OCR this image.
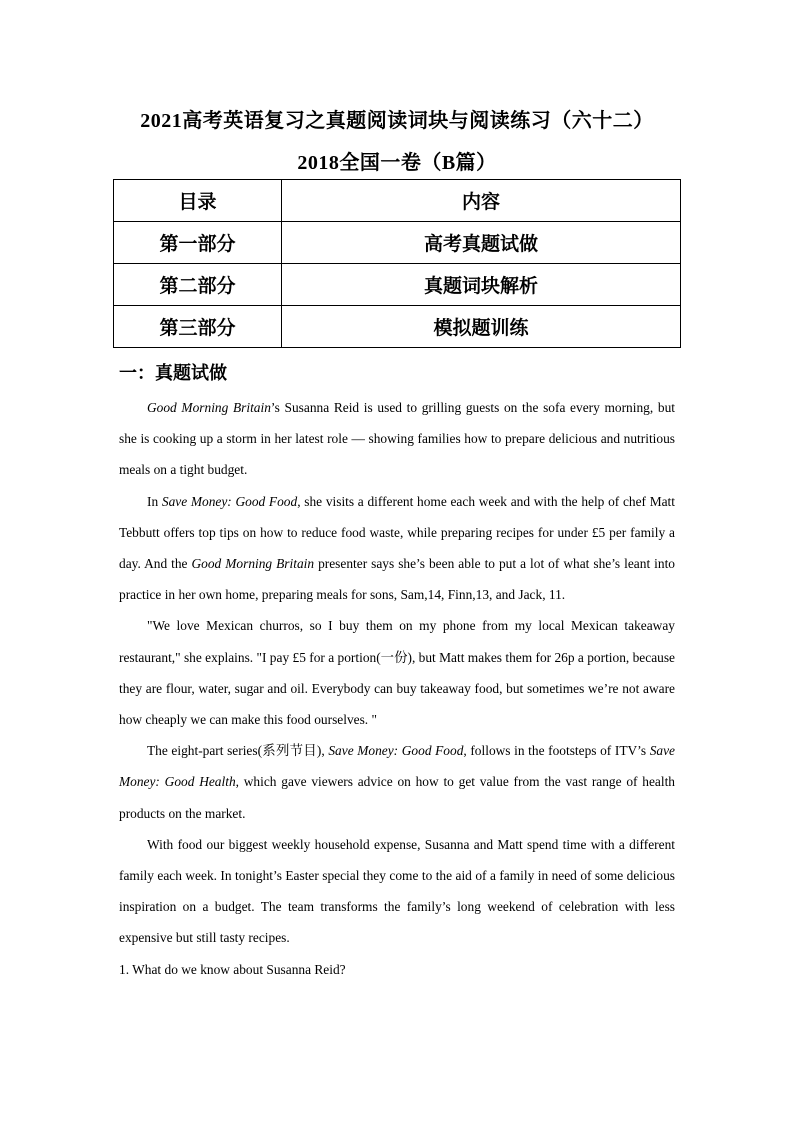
2021高考英语复习之真题阅读词块与阅读练习（六十二）
2018全国一卷（B篇）
目录	内容
第一部分	高考真题试做
第二部分	真题词块解析
第三部分	模拟题训练
一：真题试做

Good Morning Britain’s Susanna Reid is used to grilling guests on the sofa every morning, but she is cooking up a storm in her latest role — showing families how to prepare delicious and nutritious meals on a tight budget.

In Save Money: Good Food, she visits a different home each week and with the help of chef Matt Tebbutt offers top tips on how to reduce food waste, while preparing recipes for under £5 per family a day. And the Good Morning Britain presenter says she’s been able to put a lot of what she’s leant into practice in her own home, preparing meals for sons, Sam,14, Finn,13, and Jack, 11.

"We love Mexican churros, so I buy them on my phone from my local Mexican takeaway restaurant," she explains. "I pay £5 for a portion(一份), but Matt makes them for 26p a portion, because they are flour, water, sugar and oil. Everybody can buy takeaway food, but sometimes we’re not aware how cheaply we can make this food ourselves. "

The eight-part series(系列节目), Save Money: Good Food, follows in the footsteps of ITV’s Save Money: Good Health, which gave viewers advice on how to get value from the vast range of health products on the market.

With food our biggest weekly household expense, Susanna and Matt spend time with a different family each week. In tonight’s Easter special they come to the aid of a family in need of some delicious inspiration on a budget. The team transforms the family’s long weekend of celebration with less expensive but still tasty recipes.

1. What do we know about Susanna Reid?
